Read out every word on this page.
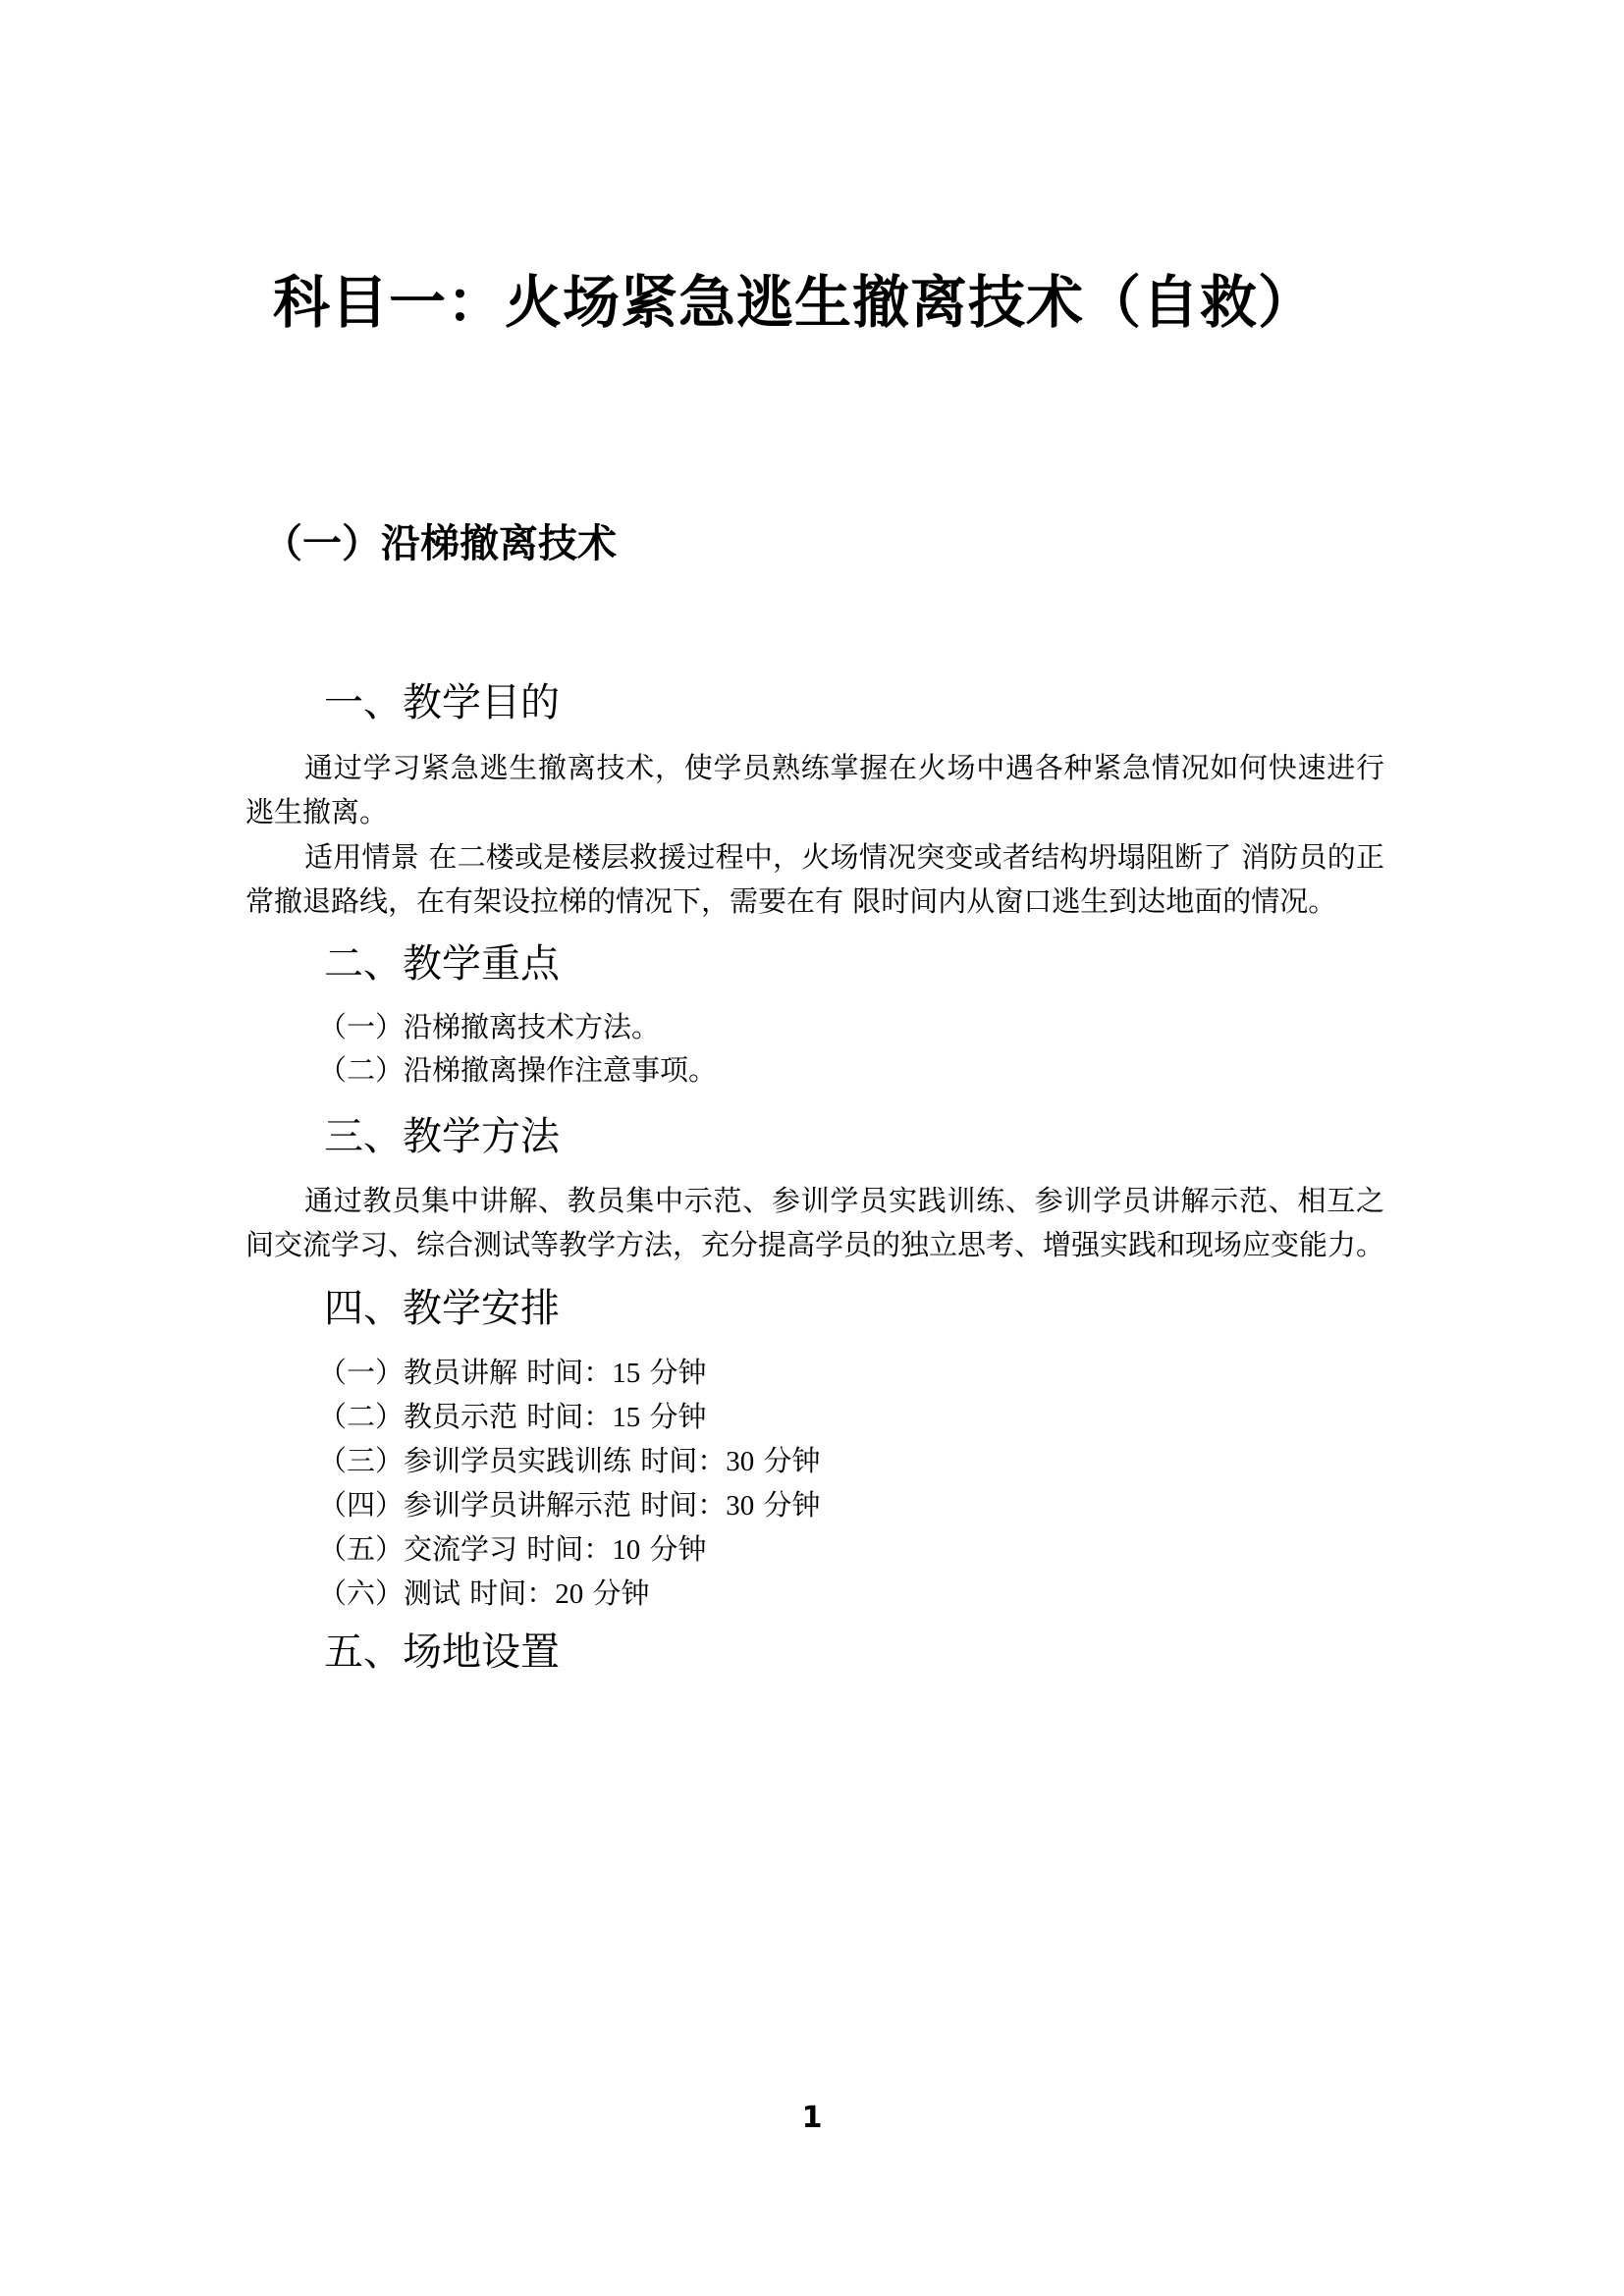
科目一：火场紧急逃生撤离技术（自救）
（一）沿梯撤离技术
一、教学目的
通过学习紧急逃生撤离技术，使学员熟练掌握在火场中遇各种紧急情况如何快速进行逃生撤离。
适用情景 在二楼或是楼层救援过程中，火场情况突变或者结构坍塌阻断了 消防员的正常撤退路线，在有架设拉梯的情况下，需要在有 限时间内从窗口逃生到达地面的情况。
二、教学重点
（一）沿梯撤离技术方法。
（二）沿梯撤离操作注意事项。
三、教学方法
通过教员集中讲解、教员集中示范、参训学员实践训练、参训学员讲解示范、相互之间交流学习、综合测试等教学方法，充分提高学员的独立思考、增强实践和现场应变能力。
四、教学安排
（一）教员讲解 时间：15 分钟
（二）教员示范 时间：15 分钟
（三）参训学员实践训练 时间：30 分钟
（四）参训学员讲解示范 时间：30 分钟
（五）交流学习 时间：10 分钟
（六）测试 时间：20 分钟
五、场地设置
1
